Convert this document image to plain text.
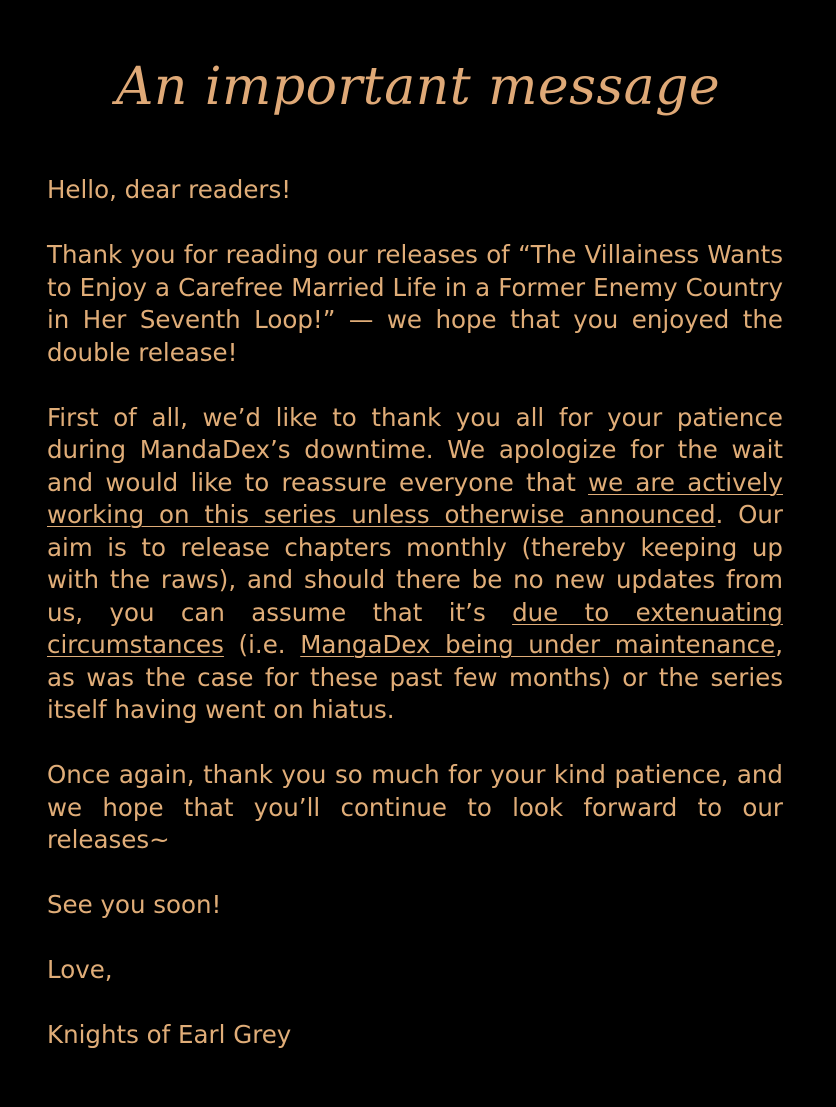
An important message

Hello, dear readers!

Thank you for reading our releases of “The Villainess Wants to Enjoy a Carefree Married Life in a Former Enemy Country in Her Seventh Loop!” — we hope that you enjoyed the double release!

First of all, we’d like to thank you all for your patience during MandaDex’s downtime. We apologize for the wait and would like to reassure everyone that we are actively working on this series unless otherwise announced. Our aim is to release chapters monthly (thereby keeping up with the raws), and should there be no new updates from us, you can assume that it’s due to extenuating circumstances (i.e. MangaDex being under maintenance, as was the case for these past few months) or the series itself having went on hiatus.

Once again, thank you so much for your kind patience, and we hope that you’ll continue to look forward to our releases~

See you soon!

Love,

Knights of Earl Grey
